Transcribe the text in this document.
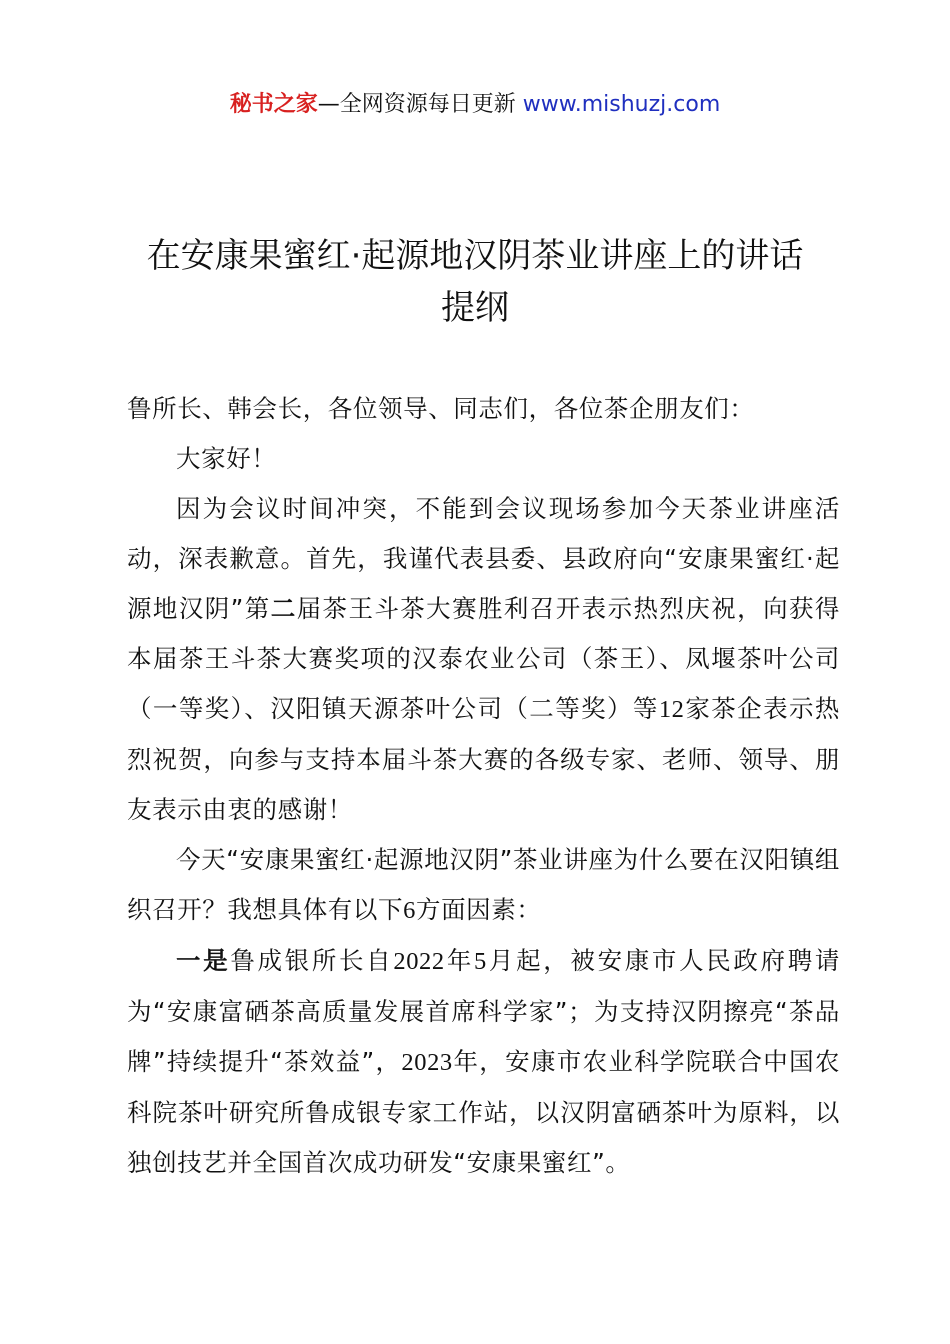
秘书之家—全网资源每日更新 www.mishuzj.com
在安康果蜜红·起源地汉阴茶业讲座上的讲话
提纲

鲁所长、韩会长，各位领导、同志们，各位茶企朋友们：

大家好！

因为会议时间冲突，不能到会议现场参加今天茶业讲座活动，深表歉意。首先，我谨代表县委、县政府向“安康果蜜红·起源地汉阴”第二届茶王斗茶大赛胜利召开表示热烈庆祝，向获得本届茶王斗茶大赛奖项的汉泰农业公司（茶王）、凤堰茶叶公司（一等奖）、汉阳镇天源茶叶公司（二等奖）等12家茶企表示热烈祝贺，向参与支持本届斗茶大赛的各级专家、老师、领导、朋友表示由衷的感谢！

今天“安康果蜜红·起源地汉阴”茶业讲座为什么要在汉阳镇组织召开？我想具体有以下6方面因素：

一是鲁成银所长自2022年5月起，被安康市人民政府聘请为“安康富硒茶高质量发展首席科学家”；为支持汉阴擦亮“茶品牌”持续提升“茶效益”，2023年，安康市农业科学院联合中国农科院茶叶研究所鲁成银专家工作站，以汉阴富硒茶叶为原料，以独创技艺并全国首次成功研发“安康果蜜红”。
